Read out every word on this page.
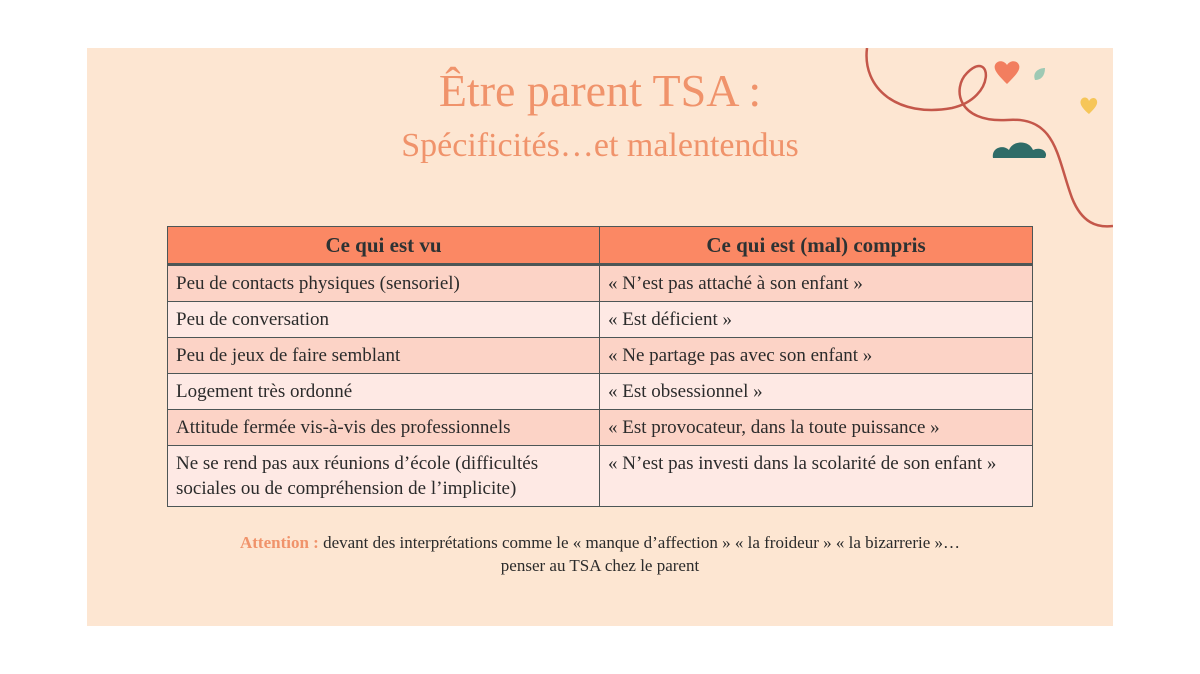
Être parent TSA :
Spécificités…et malentendus
Ce qui est vu	Ce qui est (mal) compris
Peu de contacts physiques (sensoriel)	« N’est pas attaché à son enfant »
Peu de conversation	« Est déficient »
Peu de jeux de faire semblant	« Ne partage pas avec son enfant »
Logement très ordonné	« Est obsessionnel »
Attitude fermée vis-à-vis des professionnels	« Est provocateur, dans la toute puissance »
Ne se rend pas aux réunions d’école (difficultés sociales ou de compréhension de l’implicite)	« N’est pas investi dans la scolarité de son enfant »
Attention : devant des interprétations comme le « manque d’affection » « la froideur » « la bizarrerie »… penser au TSA chez le parent
